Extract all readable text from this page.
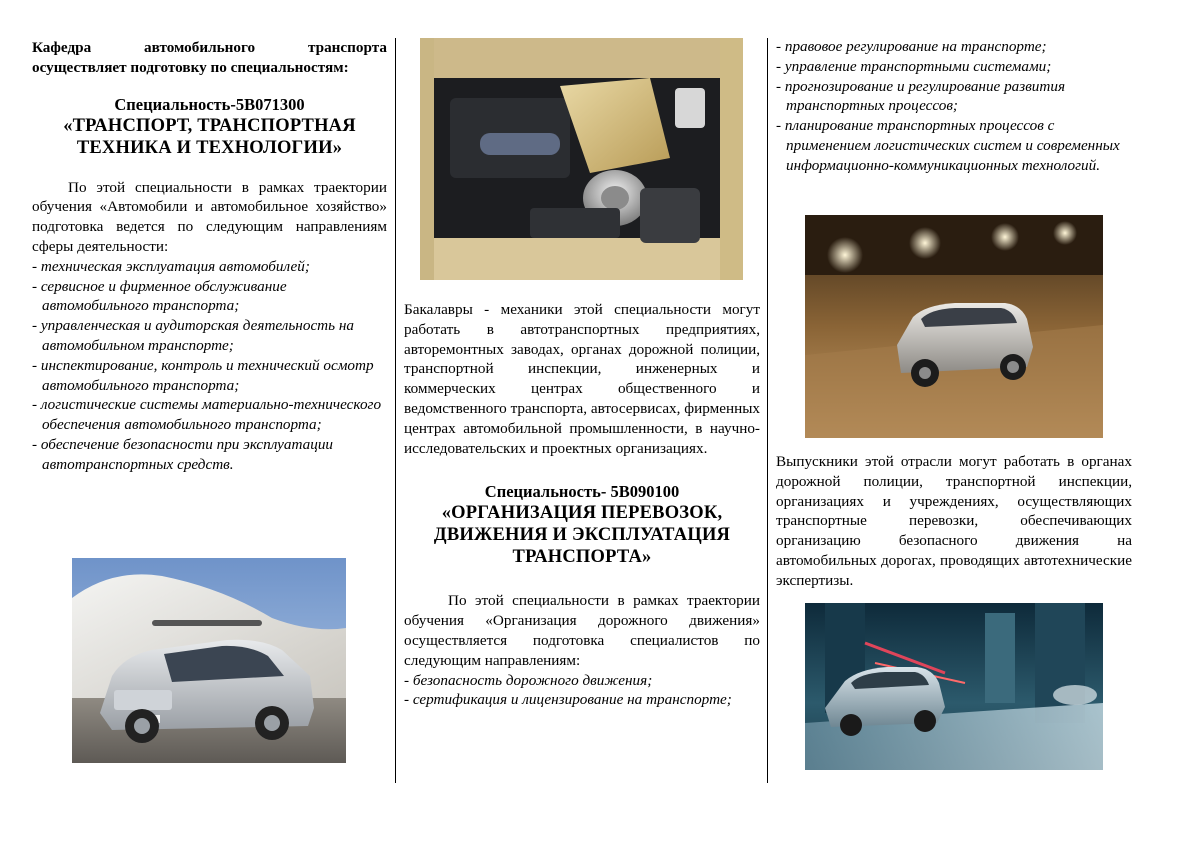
Кафедра автомобильного транспорта осуществляет подготовку по специальностям:

Специальность-5В071300

«ТРАНСПОРТ, ТРАНСПОРТНАЯ ТЕХНИКА И ТЕХНОЛОГИИ»

По этой специальности в рамках траектории обучения «Автомобили и автомобильное хозяйство» подготовка ведется по следующим направлениям сферы деятельности:

- техническая эксплуатация автомобилей;

- сервисное и фирменное обслуживание автомобильного транспорта;

- управленческая и аудиторская деятельность на автомобильном транспорте;

- инспектирование, контроль и технический осмотр автомобильного транспорта;

- логистические системы материально-технического обеспечения автомобильного транспорта;

- обеспечение безопасности при эксплуатации автотранспортных средств.

Бакалавры - механики этой специальности могут работать в автотранспортных предприятиях, авторемонтных заводах, органах дорожной полиции, транспортной инспекции, инженерных и коммерческих центрах общественного и ведомственного транспорта, автосервисах, фирменных центрах автомобильной промышленности, в научно-исследовательских и проектных организациях.

Специальность- 5В090100

«ОРГАНИЗАЦИЯ ПЕРЕВОЗОК, ДВИЖЕНИЯ И ЭКСПЛУАТАЦИЯ ТРАНСПОРТА»

По этой специальности в рамках траектории обучения «Организация дорожного движения» осуществляется подготовка специалистов по следующим направлениям:

- безопасность дорожного движения;

- сертификация и лицензирование на транспорте;

- правовое регулирование на транспорте;

- управление транспортными системами;

- прогнозирование и регулирование развития транспортных процессов;

- планирование транспортных процессов с применением логистических систем и современных информационно-коммуникационных технологий.

Выпускники этой отрасли могут работать в органах дорожной полиции, транспортной инспекции, организациях и учреждениях, осуществляющих транспортные перевозки, обеспечивающих организацию безопасного движения на автомобильных дорогах, проводящих автотехнические экспертизы.
